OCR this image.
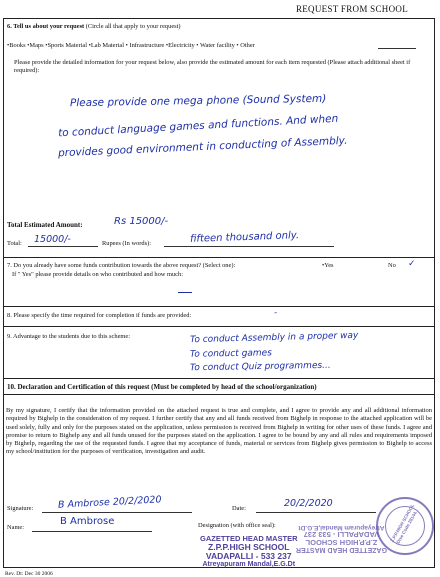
REQUEST FROM SCHOOL
6. Tell us about your request (Circle all that apply to your request)
•Books •Maps •Sports Material •Lab Material • Infrastructure •Electricity • Water facility • Other
Please provide the detailed information for your request below, also provide the estimated amount for each item requested (Please attach additional sheet if required):
Please provide one mega phone (Sound System)
to conduct language games and functions. And when
provides good environment in conducting of Assembly.
Total Estimated Amount:	Rs 15000/-
Total: 15000/-	Rupees (In words):	fifteen thousand only.
7. Do you already have some funds contribution towards the above request? (Select one):	•Yes	No ✓
If " Yes" please provide details on who contributed and how much:
8. Please specify the time required for completion if funds are provided:	-
9. Advantage to the students due to this scheme:	To conduct Assembly in a proper way
To conduct games
To conduct Quiz programmes...
10. Declaration and Certification of this request (Must be completed by head of the school/organization)
By my signature, I certify that the information provided on the attached request is true and complete, and I agree to provide any and all additional information required by Bighelp in the consideration of my request. I further certify that any and all funds received from Bighelp in response to the attached application will be used solely, fully and only for the purposes stated on the application, unless permission is received from Bighelp in writing for other uses of these funds. I agree and promise to return to Bighelp any and all funds unused for the purposes stated on the application. I agree to be bound by any and all rules and requirements imposed by Bighelp, regarding the use of the requested funds. I agree that my acceptance of funds, material or services from Bighelp gives permission to Bighelp to access my school/institution for the purposes of verification, investigation and audit.
Signature:	B Ambrose 20/2/2020	Date:	20/2/2020
Name:
B Ambrose	Designation (with office seal):
GAZETTED HEAD MASTER
Z.P.P.HIGH SCHOOL
VADAPALLI - 533 237
Atreyapuram Mandal,E.G.Dt
GAZETTED HEAD MASTER
Z.P.P.HIGH SCHOOL
VADAPALLI - 533 237
Atreyapuram Mandal,E.G.Dt	Z.P.P.HIGH SCHOOL Dise Code 28144...
Rev. Dt: Dec 30 2006
